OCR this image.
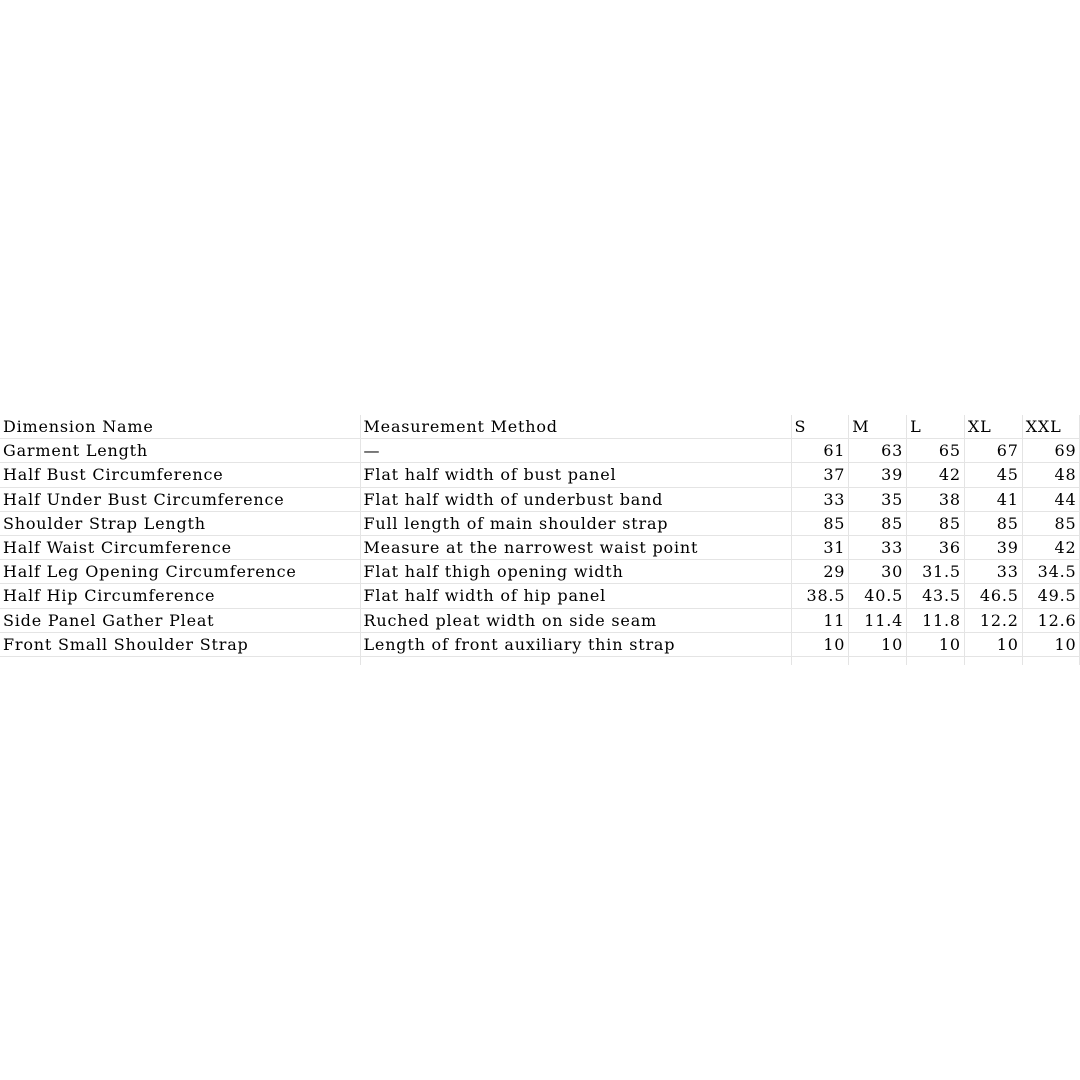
Dimension Name	Measurement Method	S	M	L	XL	XXL
Garment Length	—	61	63	65	67	69
Half Bust Circumference	Flat half width of bust panel	37	39	42	45	48
Half Under Bust Circumference	Flat half width of underbust band	33	35	38	41	44
Shoulder Strap Length	Full length of main shoulder strap	85	85	85	85	85
Half Waist Circumference	Measure at the narrowest waist point	31	33	36	39	42
Half Leg Opening Circumference	Flat half thigh opening width	29	30	31.5	33	34.5
Half Hip Circumference	Flat half width of hip panel	38.5	40.5	43.5	46.5	49.5
Side Panel Gather Pleat	Ruched pleat width on side seam	11	11.4	11.8	12.2	12.6
Front Small Shoulder Strap	Length of front auxiliary thin strap	10	10	10	10	10
